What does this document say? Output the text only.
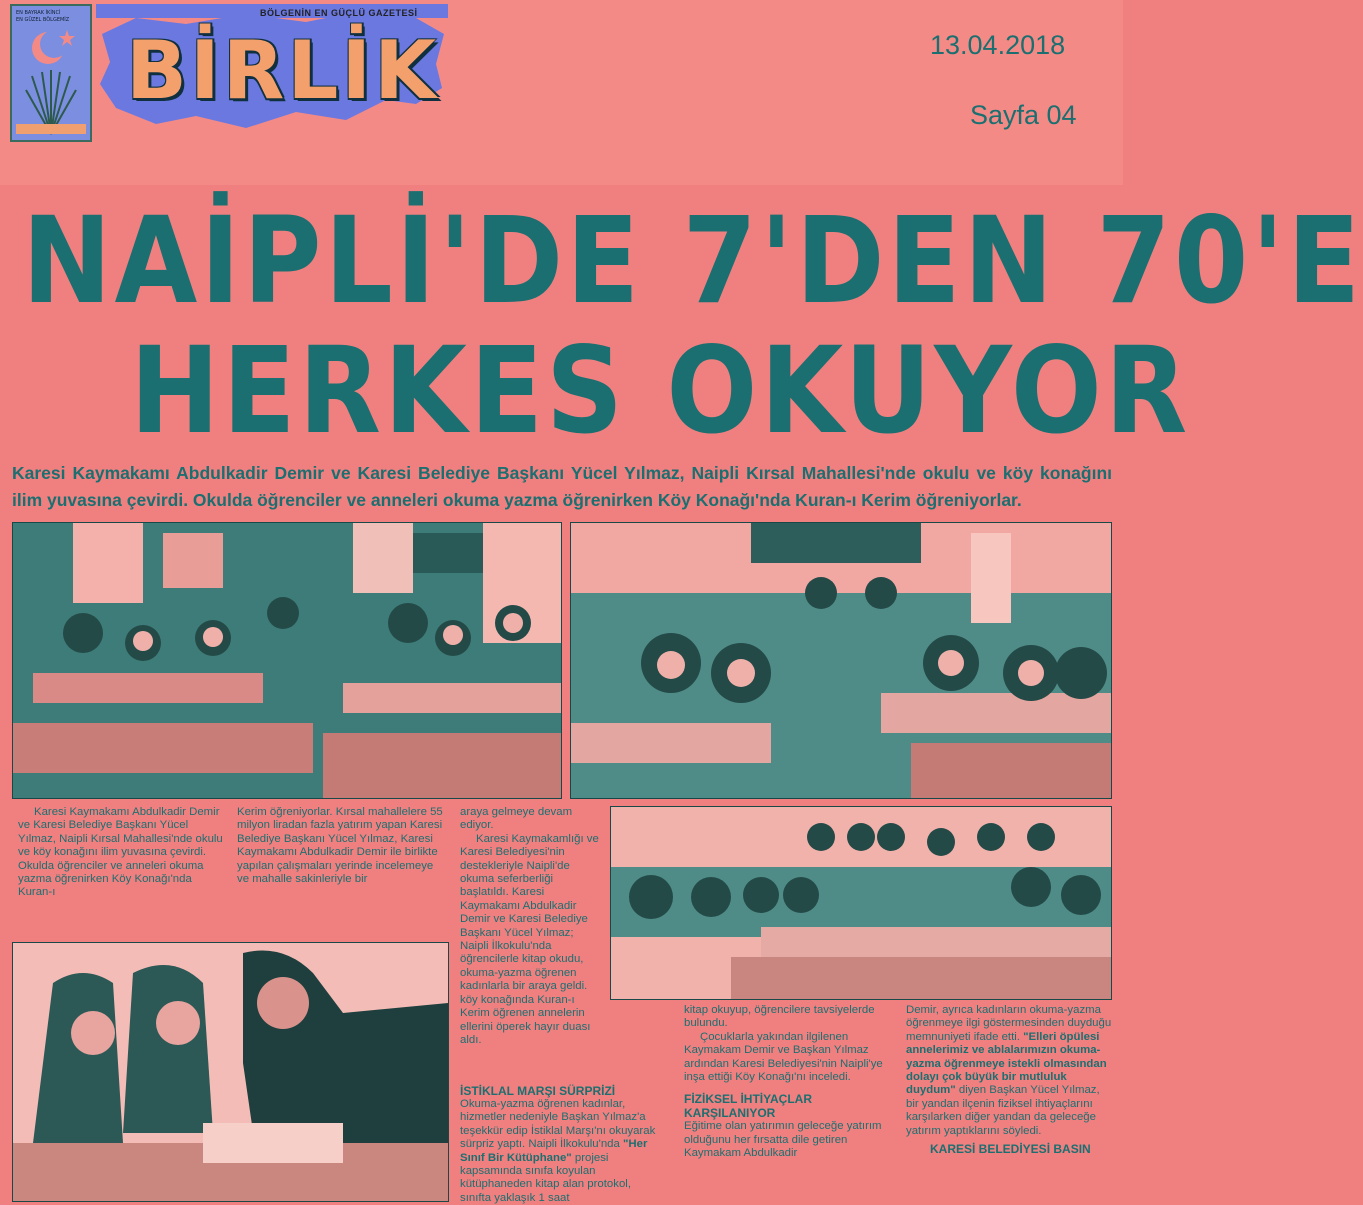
EN BAYRAK İKİNCİ
EN GÜZEL BÖLGEMİZ
BÖLGENİN EN GÜÇLÜ GAZETESİ
BİRLİK	13.04.2018
Sayfa 04
NAİPLİ'DE 7'DEN 70'E
HERKES OKUYOR
Karesi Kaymakamı Abdulkadir Demir ve Karesi Belediye Başkanı Yücel Yılmaz, Naipli Kırsal Mahallesi'nde okulu ve köy konağını ilim yuvasına çevirdi. Okulda öğrenciler ve anneleri okuma yazma öğrenirken Köy Konağı'nda Kuran-ı Kerim öğreniyorlar.

Karesi Kaymakamı Abdulkadir Demir ve Karesi Belediye Başkanı Yücel Yılmaz, Naipli Kırsal Mahallesi'nde okulu ve köy konağını ilim yuvasına çevirdi. Okulda öğrenciler ve anneleri okuma yazma öğrenirken Köy Konağı'nda Kuran-ı

Kerim öğreniyorlar. Kırsal mahallelere 55 milyon liradan fazla yatırım yapan Karesi Belediye Başkanı Yücel Yılmaz, Karesi Kaymakamı Abdulkadir Demir ile birlikte yapılan çalışmaları yerinde incelemeye ve mahalle sakinleriyle bir

araya gelmeye devam ediyor.

Karesi Kaymakamlığı ve Karesi Belediyesi'nin destekleriyle Naipli'de okuma seferberliği başlatıldı. Karesi Kaymakamı Abdulkadir Demir ve Karesi Belediye Başkanı Yücel Yılmaz; Naipli İlkokulu'nda öğrencilerle kitap okudu, okuma-yazma öğrenen kadınlarla bir araya geldi. köy konağında Kuran-ı Kerim öğrenen annelerin ellerini öperek hayır duası aldı.

İSTİKLAL MARŞI SÜRPRİZİ

Okuma-yazma öğrenen kadınlar, hizmetler nedeniyle Başkan Yılmaz'a teşekkür edip İstiklal Marşı'nı okuyarak sürpriz yaptı. Naipli İlkokulu'nda "Her Sınıf Bir Kütüphane" projesi kapsamında sınıfa koyulan kütüphaneden kitap alan protokol, sınıfta yaklaşık 1 saat

kitap okuyup, öğrencilere tavsiyelerde bulundu.

Çocuklarla yakından ilgilenen Kaymakam Demir ve Başkan Yılmaz ardından Karesi Belediyesi'nin Naipli'ye inşa ettiği Köy Konağı'nı inceledi.

FİZİKSEL İHTİYAÇLAR
KARŞILANIYOR

Eğitime olan yatırımın geleceğe yatırım olduğunu her fırsatta dile getiren Kaymakam Abdulkadir

Demir, ayrıca kadınların okuma-yazma öğrenmeye ilgi göstermesinden duyduğu memnuniyeti ifade etti. "Elleri öpülesi annelerimiz ve ablalarımızın okuma-yazma öğrenmeye istekli olmasından dolayı çok büyük bir mutluluk duydum" diyen Başkan Yücel Yılmaz, bir yandan ilçenin fiziksel ihtiyaçlarını karşılarken diğer yandan da geleceğe yatırım yaptıklarını söyledi.

KARESİ BELEDİYESİ BASIN
